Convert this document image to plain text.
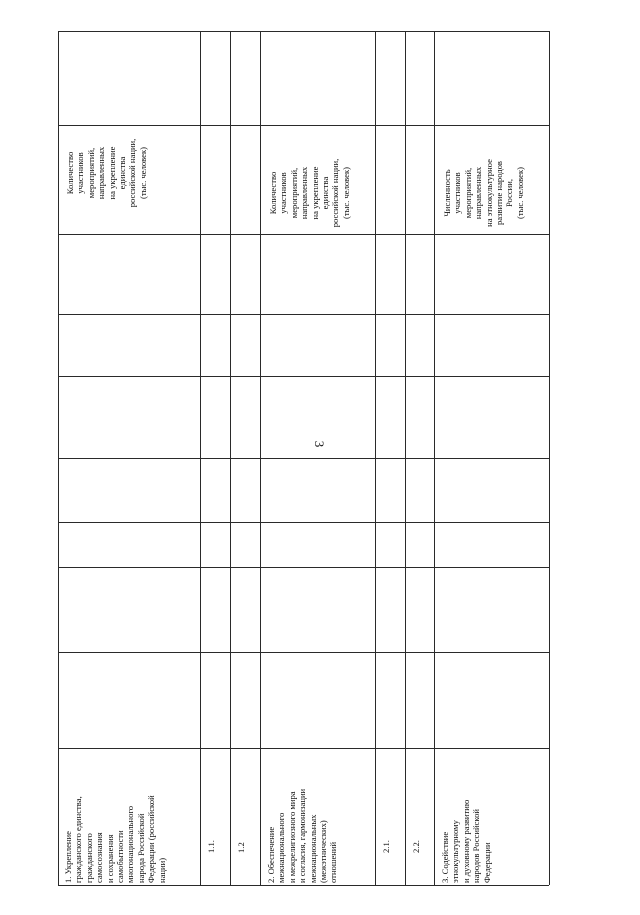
3
1. Укрепление
гражданского единства,
гражданского
самосознания
и сохранения
самобытности
многонационального
народа Российской
Федерации (российской
нации)
Количество
участников
мероприятий,
направленных
на укрепление
единства
российской нации,
(тыс. человек)
1.1. 1.2
2. Обеспечение
межнационального
и межрелигиозного мира
и согласия, гармонизации
межнациональных
(межэтнических)
отношений
Количество
участников
мероприятий,
направленных
на укрепление
единства
российской нации,
(тыс. человек)
2.1. 2.2.
3. Содействие
этнокультурному
и духовному развитию
народов Российской
Федерации
Численность
участников
мероприятий,
направленных
на этнокультурное
развитие народов
России,
(тыс. человек)
